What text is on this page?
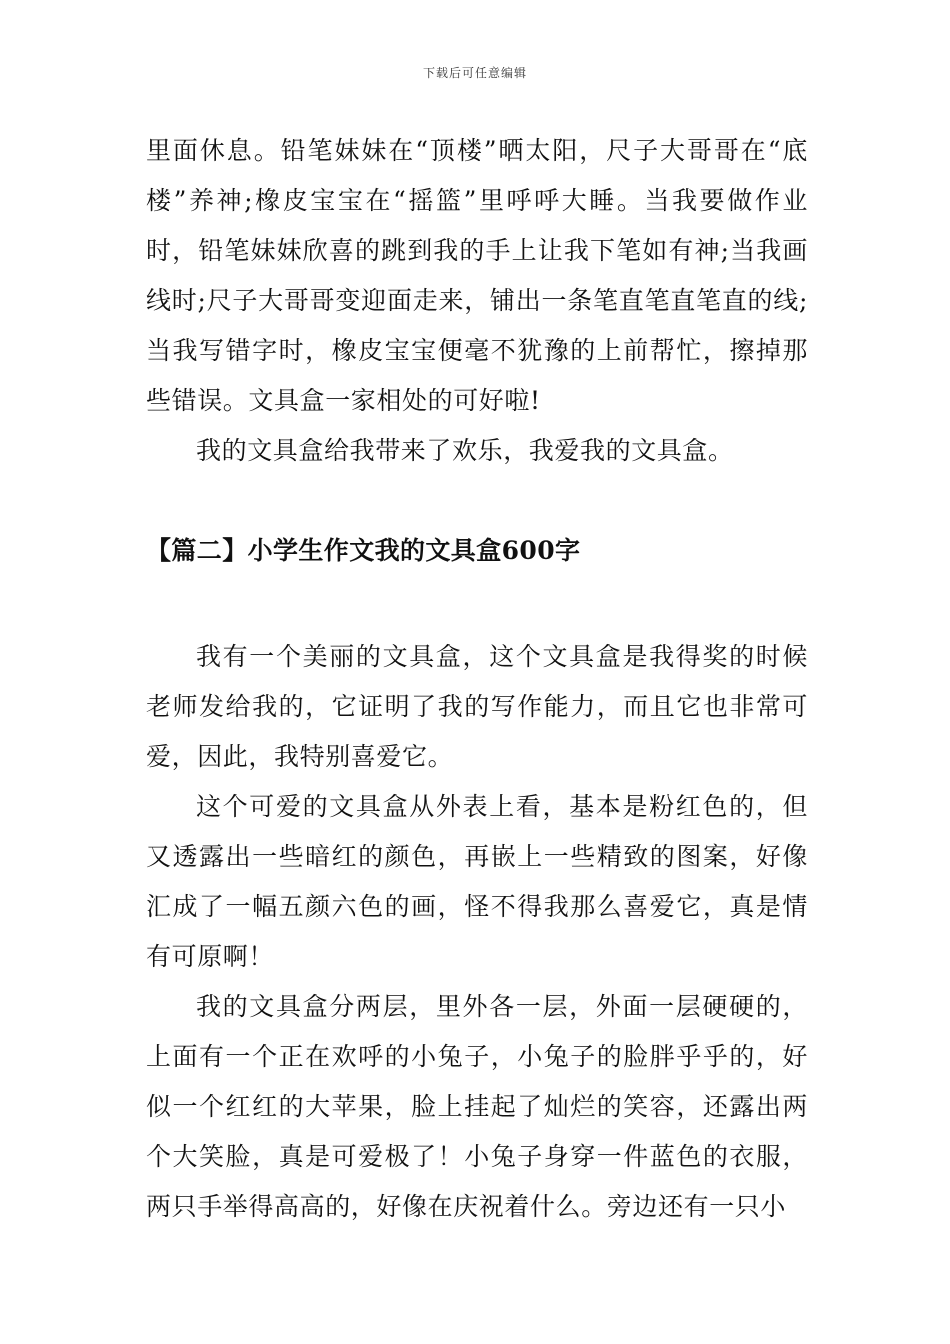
下载后可任意编辑

里面休息。铅笔妹妹在“顶楼”晒太阳，尺子大哥哥在“底楼”养神;橡皮宝宝在“摇篮”里呼呼大睡。当我要做作业时，铅笔妹妹欣喜的跳到我的手上让我下笔如有神;当我画线时;尺子大哥哥变迎面走来，铺出一条笔直笔直笔直的线;当我写错字时，橡皮宝宝便毫不犹豫的上前帮忙，擦掉那些错误。文具盒一家相处的可好啦!

我的文具盒给我带来了欢乐，我爱我的文具盒。

【篇二】小学生作文我的文具盒600字

我有一个美丽的文具盒，这个文具盒是我得奖的时候老师发给我的，它证明了我的写作能力，而且它也非常可爱，因此，我特别喜爱它。

这个可爱的文具盒从外表上看，基本是粉红色的，但又透露出一些暗红的颜色，再嵌上一些精致的图案，好像汇成了一幅五颜六色的画，怪不得我那么喜爱它，真是情有可原啊！

我的文具盒分两层，里外各一层，外面一层硬硬的，上面有一个正在欢呼的小兔子，小兔子的脸胖乎乎的，好似一个红红的大苹果，脸上挂起了灿烂的笑容，还露出两个大笑脸，真是可爱极了！小兔子身穿一件蓝色的衣服，两只手举得高高的，好像在庆祝着什么。旁边还有一只小
